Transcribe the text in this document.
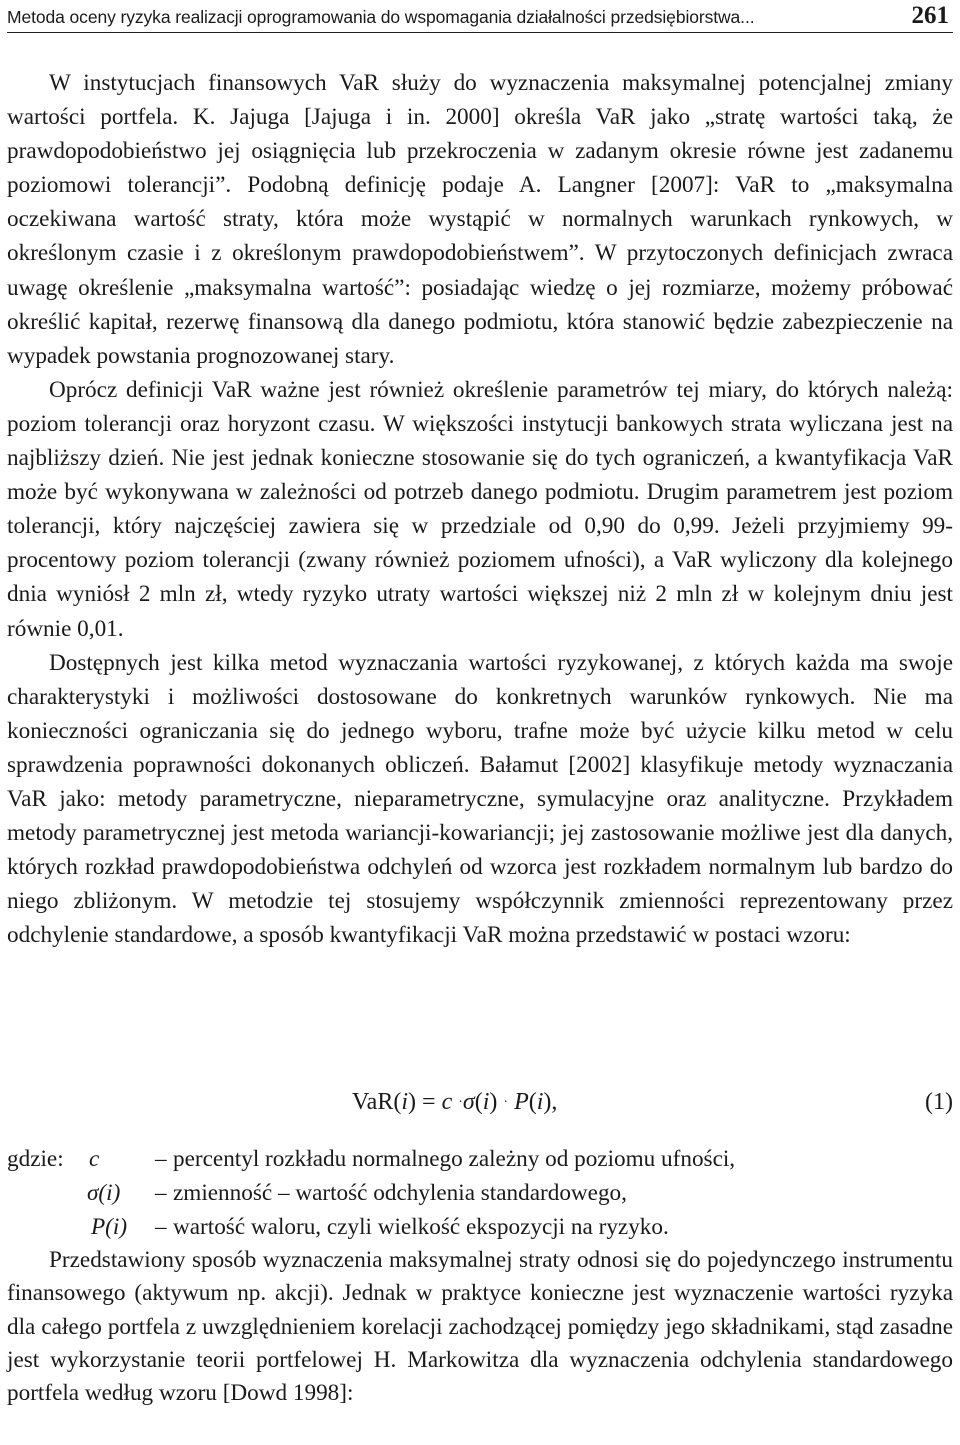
Metoda oceny ryzyka realizacji oprogramowania do wspomagania działalności przedsiębiorstwa...	261

W instytucjach finansowych VaR służy do wyznaczenia maksymalnej potencjalnej zmiany wartości portfela. K. Jajuga [Jajuga i in. 2000] określa VaR jako „stratę wartości taką, że prawdopodobieństwo jej osiągnięcia lub przekroczenia w zadanym okresie równe jest zadanemu poziomowi tolerancji”. Podobną definicję podaje A. Langner [2007]: VaR to „maksymalna oczekiwana wartość straty, która może wystąpić w normalnych warunkach rynkowych, w określonym czasie i z określonym prawdopodobieństwem”. W przytoczonych definicjach zwraca uwagę określenie „maksymalna wartość”: posiadając wiedzę o jej rozmiarze, możemy próbować określić kapitał, rezerwę finansową dla danego podmiotu, która stanowić będzie zabezpieczenie na wypadek powstania prognozowanej stary.

Oprócz definicji VaR ważne jest również określenie parametrów tej miary, do których należą: poziom tolerancji oraz horyzont czasu. W większości instytucji bankowych strata wyliczana jest na najbliższy dzień. Nie jest jednak konieczne stosowanie się do tych ograniczeń, a kwantyfikacja VaR może być wykonywana w zależności od potrzeb danego podmiotu. Drugim parametrem jest poziom tolerancji, który najczęściej zawiera się w przedziale od 0,90 do 0,99. Jeżeli przyjmiemy 99-procentowy poziom tolerancji (zwany również poziomem ufności), a VaR wyliczony dla kolejnego dnia wyniósł 2 mln zł, wtedy ryzyko utraty wartości większej niż 2 mln zł w kolejnym dniu jest równie 0,01.

Dostępnych jest kilka metod wyznaczania wartości ryzykowanej, z których każda ma swoje charakterystyki i możliwości dostosowane do konkretnych warunków rynkowych. Nie ma konieczności ograniczania się do jednego wyboru, trafne może być użycie kilku metod w celu sprawdzenia poprawności dokonanych obliczeń. Bałamut [2002] klasyfikuje metody wyznaczania VaR jako: metody parametryczne, nieparametryczne, symulacyjne oraz analityczne. Przykładem metody parametrycznej jest metoda wariancji-kowariancji; jej zastosowanie możliwe jest dla danych, których rozkład prawdopodobieństwa odchyleń od wzorca jest rozkładem normalnym lub bardzo do niego zbliżonym. W metodzie tej stosujemy współczynnik zmienności reprezentowany przez odchylenie standardowe, a sposób kwantyfikacji VaR można przedstawić w postaci wzoru:

VaR(i) = c ·σ(i) · P(i),	(1)
gdzie: c – percentyl rozkładu normalnego zależny od poziomu ufności,
σ(i) – zmienność – wartość odchylenia standardowego,
P(i) – wartość waloru, czyli wielkość ekspozycji na ryzyko.

Przedstawiony sposób wyznaczenia maksymalnej straty odnosi się do pojedynczego instrumentu finansowego (aktywum np. akcji). Jednak w praktyce konieczne jest wyznaczenie wartości ryzyka dla całego portfela z uwzględnieniem korelacji zachodzącej pomiędzy jego składnikami, stąd zasadne jest wykorzystanie teorii portfelowej H. Markowitza dla wyznaczenia odchylenia standardowego portfela według wzoru [Dowd 1998]:
